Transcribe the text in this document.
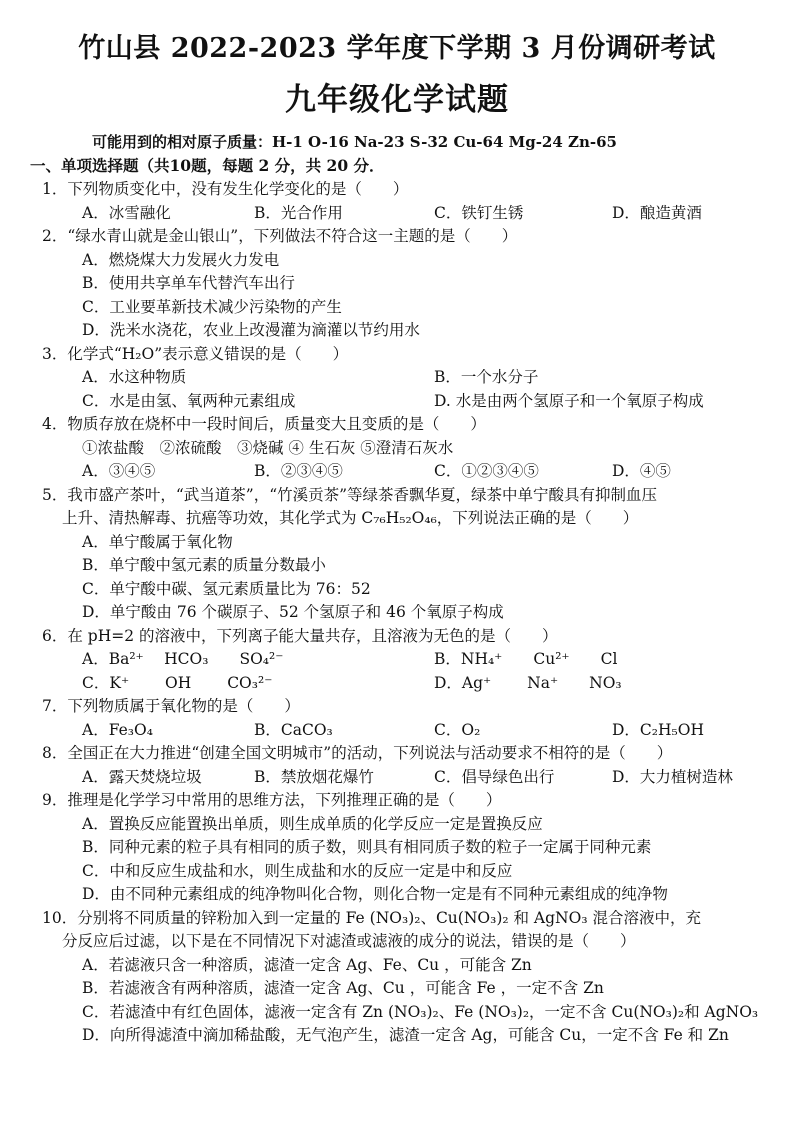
竹山县 2022-2023 学年度下学期 3 月份调研考试
九年级化学试题
可能用到的相对原子质量：H-1 O-16 Na-23 S-32 Cu-64 Mg-24 Zn-65
一、单项选择题（共10题，每题 2 分，共 20 分．
1．下列物质变化中，没有发生化学变化的是（　　）
A．冰雪融化	B．光合作用	C．铁钉生锈	D．酿造黄酒
2．“绿水青山就是金山银山”，下列做法不符合这一主题的是（　　）
A．燃烧煤大力发展火力发电
B．使用共享单车代替汽车出行
C．工业要革新技术减少污染物的产生
D．洗米水浇花，农业上改漫灌为滴灌以节约用水
3．化学式“H₂O”表示意义错误的是（　　）
A．水这种物质	B．一个水分子
C．水是由氢、氧两种元素组成	D. 水是由两个氢原子和一个氧原子构成
4．物质存放在烧杯中一段时间后，质量变大且变质的是（　　）
①浓盐酸　②浓硫酸　③烧碱 ④ 生石灰 ⑤澄清石灰水
A．③④⑤	B．②③④⑤	C．①②③④⑤	D．④⑤
5．我市盛产茶叶，“武当道茶”，“竹溪贡茶”等绿茶香飘华夏，绿茶中单宁酸具有抑制血压
上升、清热解毒、抗癌等功效，其化学式为 C₇₆H₅₂O₄₆，下列说法正确的是（　　）
A．单宁酸属于氧化物
B．单宁酸中氢元素的质量分数最小
C．单宁酸中碳、氢元素质量比为 76：52
D．单宁酸由 76 个碳原子、52 个氢原子和 46 个氧原子构成
6．在 pH=2 的溶液中，下列离子能大量共存，且溶液为无色的是（　　）
A．Ba²⁺　 HCO₃　　SO₄²⁻	B．NH₄⁺　　Cu²⁺　　Cl
C．K⁺　　 OH　　 CO₃²⁻	D．Ag⁺　　 Na⁺　　NO₃
7．下列物质属于氧化物的是（　　）
A．Fe₃O₄	B．CaCO₃	C．O₂	D．C₂H₅OH
8．全国正在大力推进“创建全国文明城市”的活动，下列说法与活动要求不相符的是（　　）
A．露天焚烧垃圾	B．禁放烟花爆竹	C．倡导绿色出行	D．大力植树造林
9．推理是化学学习中常用的思维方法，下列推理正确的是（　　）
A．置换反应能置换出单质，则生成单质的化学反应一定是置换反应
B．同种元素的粒子具有相同的质子数，则具有相同质子数的粒子一定属于同种元素
C．中和反应生成盐和水，则生成盐和水的反应一定是中和反应
D．由不同种元素组成的纯净物叫化合物，则化合物一定是有不同种元素组成的纯净物
10．分别将不同质量的锌粉加入到一定量的 Fe (NO₃)₂、Cu(NO₃)₂ 和 AgNO₃ 混合溶液中，充
分反应后过滤，以下是在不同情况下对滤渣或滤液的成分的说法，错误的是（　　）
A．若滤液只含一种溶质，滤渣一定含 Ag、Fe、Cu ，可能含 Zn
B．若滤液含有两种溶质，滤渣一定含 Ag、Cu ，可能含 Fe ，一定不含 Zn
C．若滤渣中有红色固体，滤液一定含有 Zn (NO₃)₂、Fe (NO₃)₂，一定不含 Cu(NO₃)₂和 AgNO₃
D．向所得滤渣中滴加稀盐酸，无气泡产生，滤渣一定含 Ag，可能含 Cu，一定不含 Fe 和 Zn
